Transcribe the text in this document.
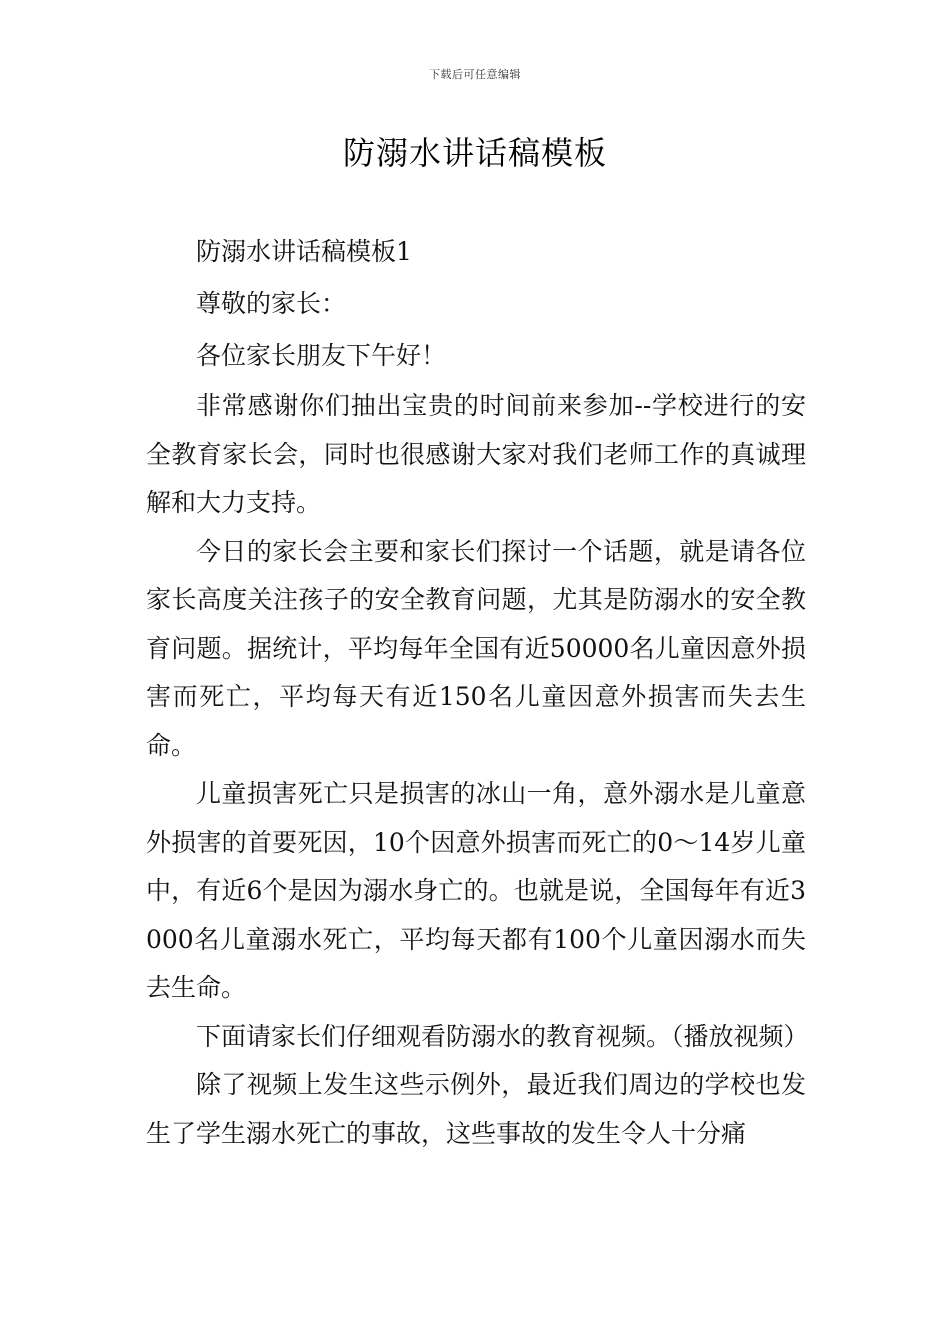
下载后可任意编辑
防溺水讲话稿模板

防溺水讲话稿模板1

尊敬的家长：

各位家长朋友下午好！

非常感谢你们抽出宝贵的时间前来参加--学校进行的安全教育家长会，同时也很感谢大家对我们老师工作的真诚理解和大力支持。

今日的家长会主要和家长们探讨一个话题，就是请各位家长高度关注孩子的安全教育问题，尤其是防溺水的安全教育问题。据统计，平均每年全国有近50000名儿童因意外损害而死亡，平均每天有近150名儿童因意外损害而失去生命。

儿童损害死亡只是损害的冰山一角，意外溺水是儿童意外损害的首要死因，10个因意外损害而死亡的0～14岁儿童中，有近6个是因为溺水身亡的。也就是说，全国每年有近3000名儿童溺水死亡，平均每天都有100个儿童因溺水而失去生命。

下面请家长们仔细观看防溺水的教育视频。（播放视频）

除了视频上发生这些示例外，最近我们周边的学校也发生了学生溺水死亡的事故，这些事故的发生令人十分痛
